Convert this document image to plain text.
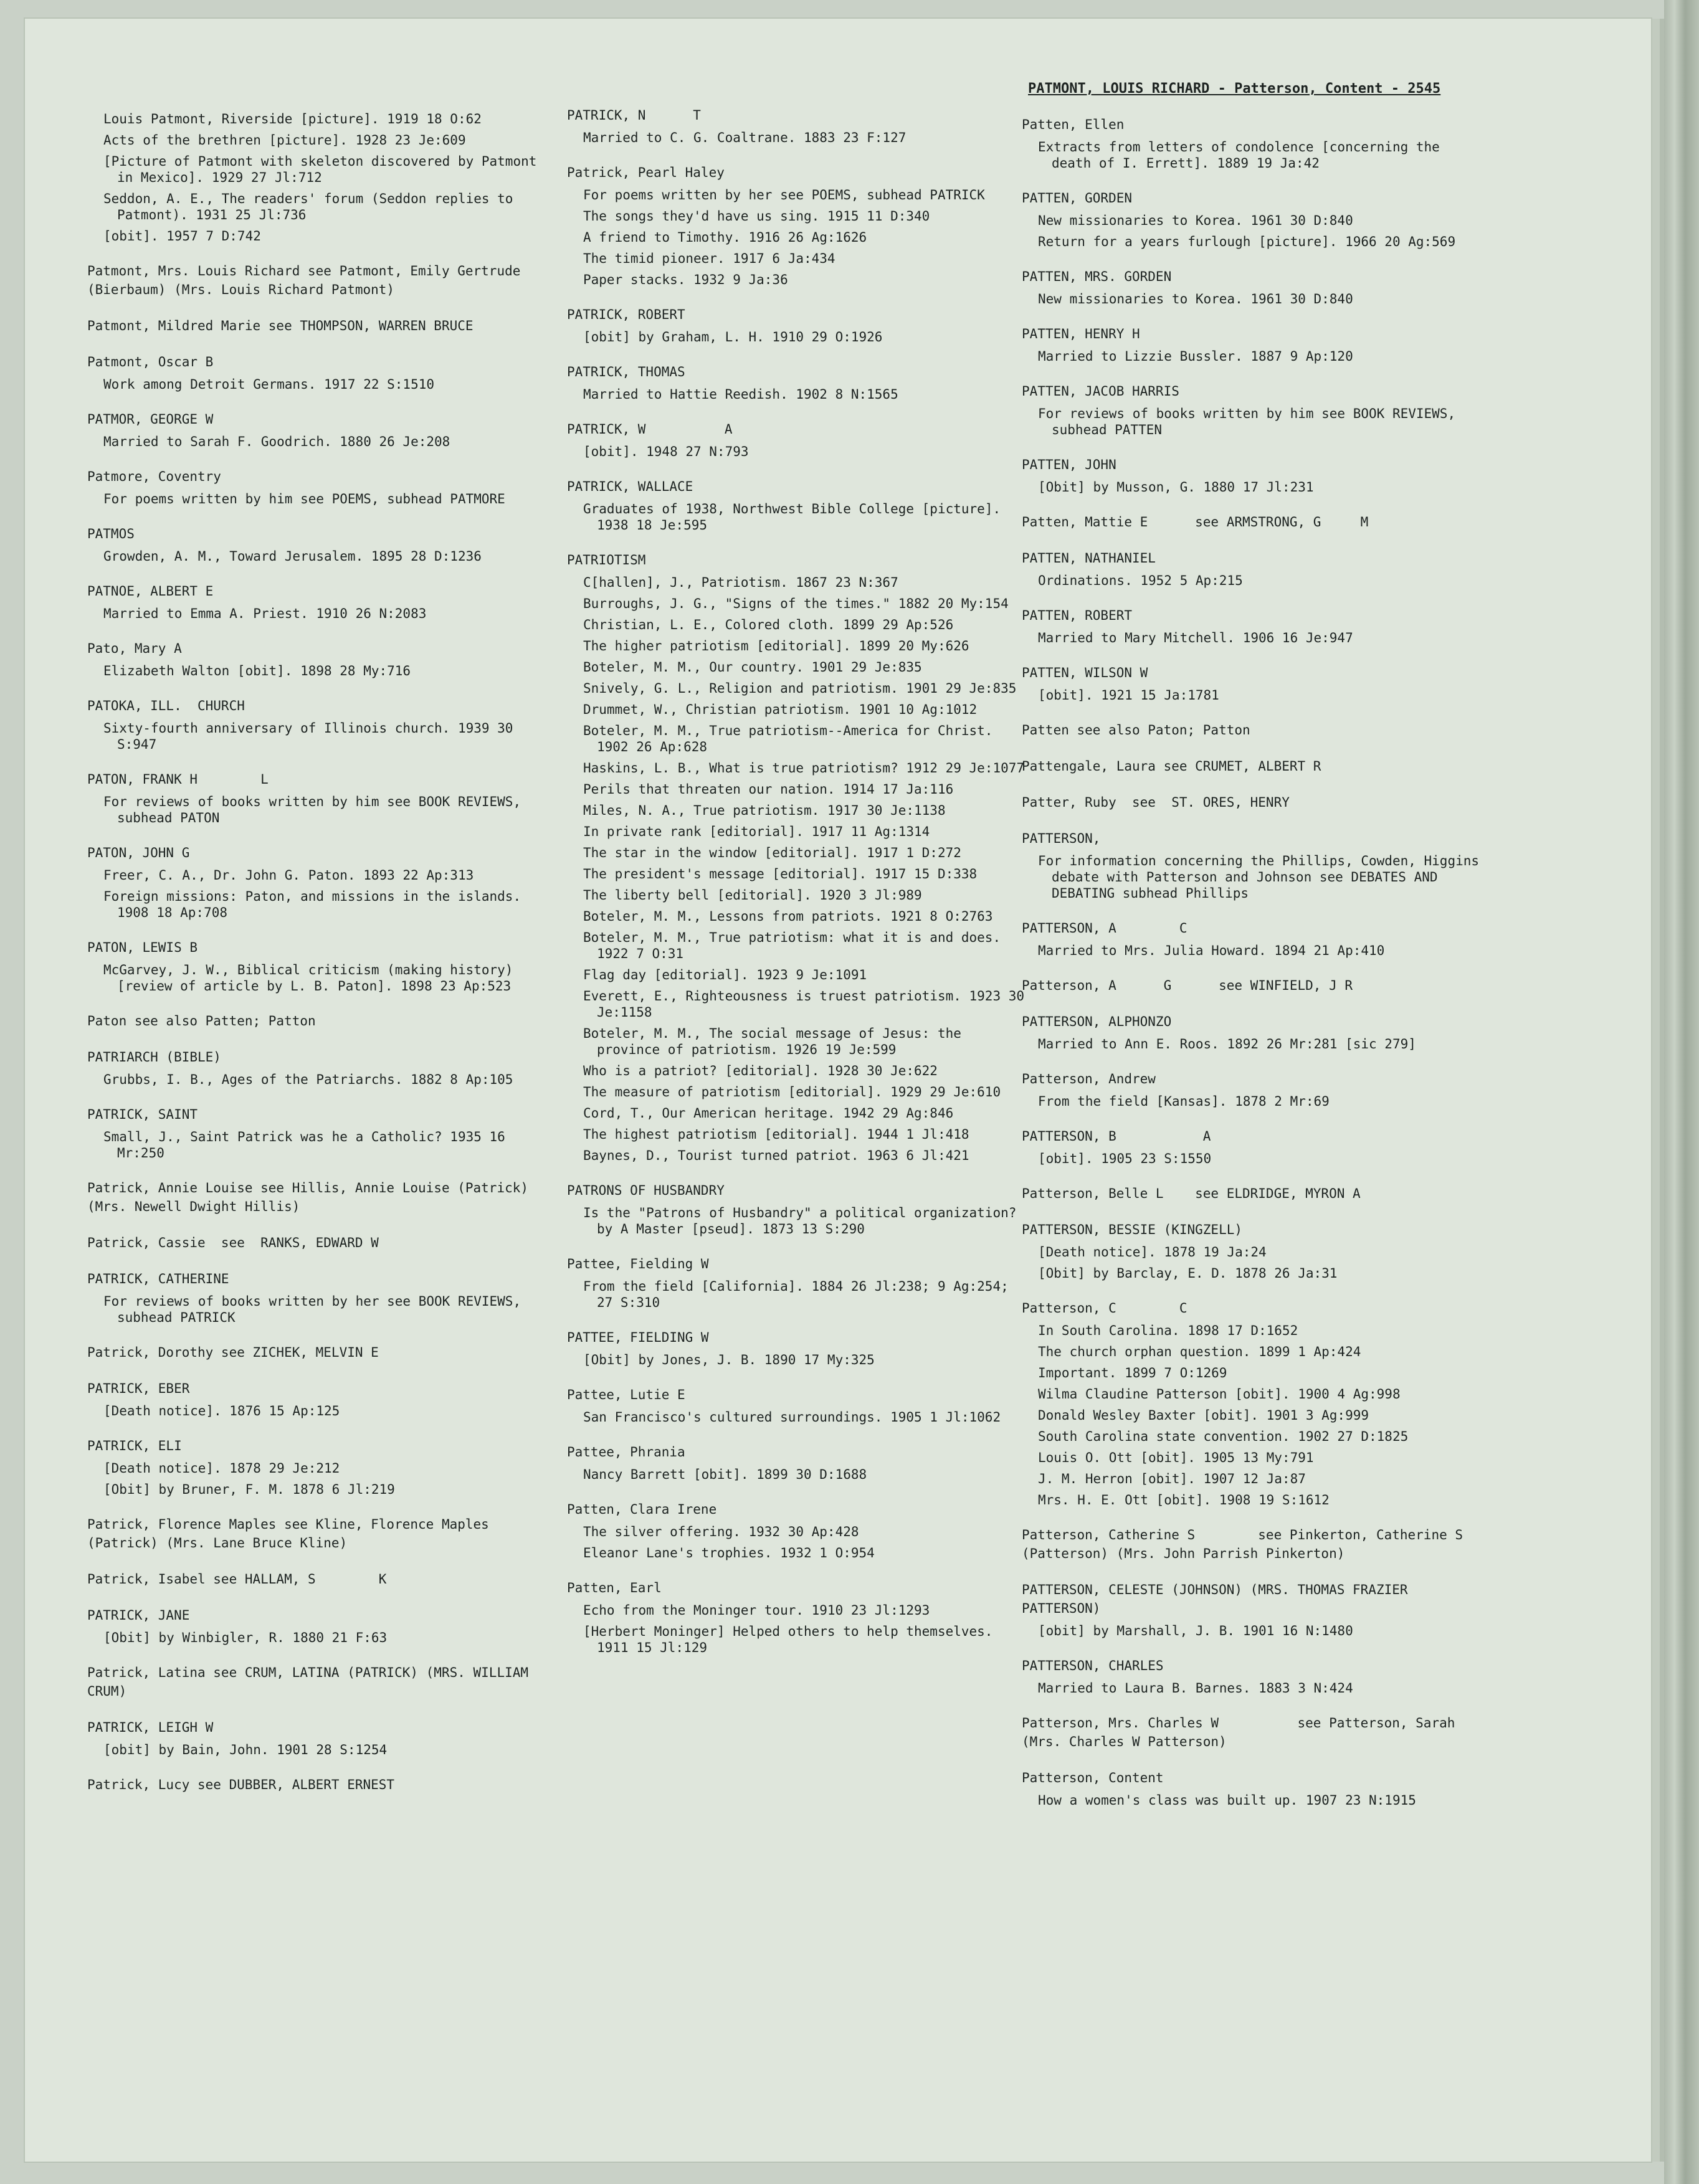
PATMONT, LOUIS RICHARD - Patterson, Content - 2545
Louis Patmont, Riverside [picture]. 1919 18 O:62
Acts of the brethren [picture]. 1928 23 Je:609
[Picture of Patmont with skeleton discovered by Patmont in Mexico]. 1929 27 Jl:712
Seddon, A. E., The readers' forum (Seddon replies to Patmont). 1931 25 Jl:736
[obit]. 1957 7 D:742
Patmont, Mrs. Louis Richard see Patmont, Emily Gertrude (Bierbaum) (Mrs. Louis Richard Patmont)
Patmont, Mildred Marie see THOMPSON, WARREN BRUCE
Patmont, Oscar B
Work among Detroit Germans. 1917 22 S:1510
PATMOR, GEORGE W
Married to Sarah F. Goodrich. 1880 26 Je:208
Patmore, Coventry
For poems written by him see POEMS, subhead PATMORE
PATMOS
Growden, A. M., Toward Jerusalem. 1895 28 D:1236
PATNOE, ALBERT E
Married to Emma A. Priest. 1910 26 N:2083
Pato, Mary A
Elizabeth Walton [obit]. 1898 28 My:716
PATOKA, ILL.  CHURCH
Sixty-fourth anniversary of Illinois church. 1939 30 S:947
PATON, FRANK H        L
For reviews of books written by him see BOOK REVIEWS, subhead PATON
PATON, JOHN G
Freer, C. A., Dr. John G. Paton. 1893 22 Ap:313
Foreign missions: Paton, and missions in the islands. 1908 18 Ap:708
PATON, LEWIS B
McGarvey, J. W., Biblical criticism (making history) [review of article by L. B. Paton]. 1898 23 Ap:523
Paton see also Patten; Patton
PATRIARCH (BIBLE)
Grubbs, I. B., Ages of the Patriarchs. 1882 8 Ap:105
PATRICK, SAINT
Small, J., Saint Patrick was he a Catholic? 1935 16 Mr:250
Patrick, Annie Louise see Hillis, Annie Louise (Patrick) (Mrs. Newell Dwight Hillis)
Patrick, Cassie  see  RANKS, EDWARD W
PATRICK, CATHERINE
For reviews of books written by her see BOOK REVIEWS, subhead PATRICK
Patrick, Dorothy see ZICHEK, MELVIN E
PATRICK, EBER
[Death notice]. 1876 15 Ap:125
PATRICK, ELI
[Death notice]. 1878 29 Je:212
[Obit] by Bruner, F. M. 1878 6 Jl:219
Patrick, Florence Maples see Kline, Florence Maples (Patrick) (Mrs. Lane Bruce Kline)
Patrick, Isabel see HALLAM, S        K
PATRICK, JANE
[Obit] by Winbigler, R. 1880 21 F:63
Patrick, Latina see CRUM, LATINA (PATRICK) (MRS. WILLIAM CRUM)
PATRICK, LEIGH W
[obit] by Bain, John. 1901 28 S:1254
Patrick, Lucy see DUBBER, ALBERT ERNEST
PATRICK, N      T
Married to C. G. Coaltrane. 1883 23 F:127
Patrick, Pearl Haley
For poems written by her see POEMS, subhead PATRICK
The songs they'd have us sing. 1915 11 D:340
A friend to Timothy. 1916 26 Ag:1626
The timid pioneer. 1917 6 Ja:434
Paper stacks. 1932 9 Ja:36
PATRICK, ROBERT
[obit] by Graham, L. H. 1910 29 O:1926
PATRICK, THOMAS
Married to Hattie Reedish. 1902 8 N:1565
PATRICK, W          A
[obit]. 1948 27 N:793
PATRICK, WALLACE
Graduates of 1938, Northwest Bible College [picture]. 1938 18 Je:595
PATRIOTISM
C[hallen], J., Patriotism. 1867 23 N:367
Burroughs, J. G., "Signs of the times." 1882 20 My:154
Christian, L. E., Colored cloth. 1899 29 Ap:526
The higher patriotism [editorial]. 1899 20 My:626
Boteler, M. M., Our country. 1901 29 Je:835
Snively, G. L., Religion and patriotism. 1901 29 Je:835
Drummet, W., Christian patriotism. 1901 10 Ag:1012
Boteler, M. M., True patriotism--America for Christ. 1902 26 Ap:628
Haskins, L. B., What is true patriotism? 1912 29 Je:1077
Perils that threaten our nation. 1914 17 Ja:116
Miles, N. A., True patriotism. 1917 30 Je:1138
In private rank [editorial]. 1917 11 Ag:1314
The star in the window [editorial]. 1917 1 D:272
The president's message [editorial]. 1917 15 D:338
The liberty bell [editorial]. 1920 3 Jl:989
Boteler, M. M., Lessons from patriots. 1921 8 O:2763
Boteler, M. M., True patriotism: what it is and does. 1922 7 O:31
Flag day [editorial]. 1923 9 Je:1091
Everett, E., Righteousness is truest patriotism. 1923 30 Je:1158
Boteler, M. M., The social message of Jesus: the province of patriotism. 1926 19 Je:599
Who is a patriot? [editorial]. 1928 30 Je:622
The measure of patriotism [editorial]. 1929 29 Je:610
Cord, T., Our American heritage. 1942 29 Ag:846
The highest patriotism [editorial]. 1944 1 Jl:418
Baynes, D., Tourist turned patriot. 1963 6 Jl:421
PATRONS OF HUSBANDRY
Is the "Patrons of Husbandry" a political organization? by A Master [pseud]. 1873 13 S:290
Pattee, Fielding W
From the field [California]. 1884 26 Jl:238; 9 Ag:254; 27 S:310
PATTEE, FIELDING W
[Obit] by Jones, J. B. 1890 17 My:325
Pattee, Lutie E
San Francisco's cultured surroundings. 1905 1 Jl:1062
Pattee, Phrania
Nancy Barrett [obit]. 1899 30 D:1688
Patten, Clara Irene
The silver offering. 1932 30 Ap:428
Eleanor Lane's trophies. 1932 1 O:954
Patten, Earl
Echo from the Moninger tour. 1910 23 Jl:1293
[Herbert Moninger] Helped others to help themselves. 1911 15 Jl:129
Patten, Ellen
Extracts from letters of condolence [concerning the death of I. Errett]. 1889 19 Ja:42
PATTEN, GORDEN
New missionaries to Korea. 1961 30 D:840
Return for a years furlough [picture]. 1966 20 Ag:569
PATTEN, MRS. GORDEN
New missionaries to Korea. 1961 30 D:840
PATTEN, HENRY H
Married to Lizzie Bussler. 1887 9 Ap:120
PATTEN, JACOB HARRIS
For reviews of books written by him see BOOK REVIEWS, subhead PATTEN
PATTEN, JOHN
[Obit] by Musson, G. 1880 17 Jl:231
Patten, Mattie E      see ARMSTRONG, G     M
PATTEN, NATHANIEL
Ordinations. 1952 5 Ap:215
PATTEN, ROBERT
Married to Mary Mitchell. 1906 16 Je:947
PATTEN, WILSON W
[obit]. 1921 15 Ja:1781
Patten see also Paton; Patton
Pattengale, Laura see CRUMET, ALBERT R
Patter, Ruby  see  ST. ORES, HENRY
PATTERSON,
For information concerning the Phillips, Cowden, Higgins debate with Patterson and Johnson see DEBATES AND DEBATING subhead Phillips
PATTERSON, A        C
Married to Mrs. Julia Howard. 1894 21 Ap:410
Patterson, A      G      see WINFIELD, J R
PATTERSON, ALPHONZO
Married to Ann E. Roos. 1892 26 Mr:281 [sic 279]
Patterson, Andrew
From the field [Kansas]. 1878 2 Mr:69
PATTERSON, B           A
[obit]. 1905 23 S:1550
Patterson, Belle L    see ELDRIDGE, MYRON A
PATTERSON, BESSIE (KINGZELL)
[Death notice]. 1878 19 Ja:24
[Obit] by Barclay, E. D. 1878 26 Ja:31
Patterson, C        C
In South Carolina. 1898 17 D:1652
The church orphan question. 1899 1 Ap:424
Important. 1899 7 O:1269
Wilma Claudine Patterson [obit]. 1900 4 Ag:998
Donald Wesley Baxter [obit]. 1901 3 Ag:999
South Carolina state convention. 1902 27 D:1825
Louis O. Ott [obit]. 1905 13 My:791
J. M. Herron [obit]. 1907 12 Ja:87
Mrs. H. E. Ott [obit]. 1908 19 S:1612
Patterson, Catherine S        see Pinkerton, Catherine S     (Patterson) (Mrs. John Parrish Pinkerton)
PATTERSON, CELESTE (JOHNSON) (MRS. THOMAS FRAZIER PATTERSON)
[obit] by Marshall, J. B. 1901 16 N:1480
PATTERSON, CHARLES
Married to Laura B. Barnes. 1883 3 N:424
Patterson, Mrs. Charles W          see Patterson, Sarah (Mrs. Charles W Patterson)
Patterson, Content
How a women's class was built up. 1907 23 N:1915
